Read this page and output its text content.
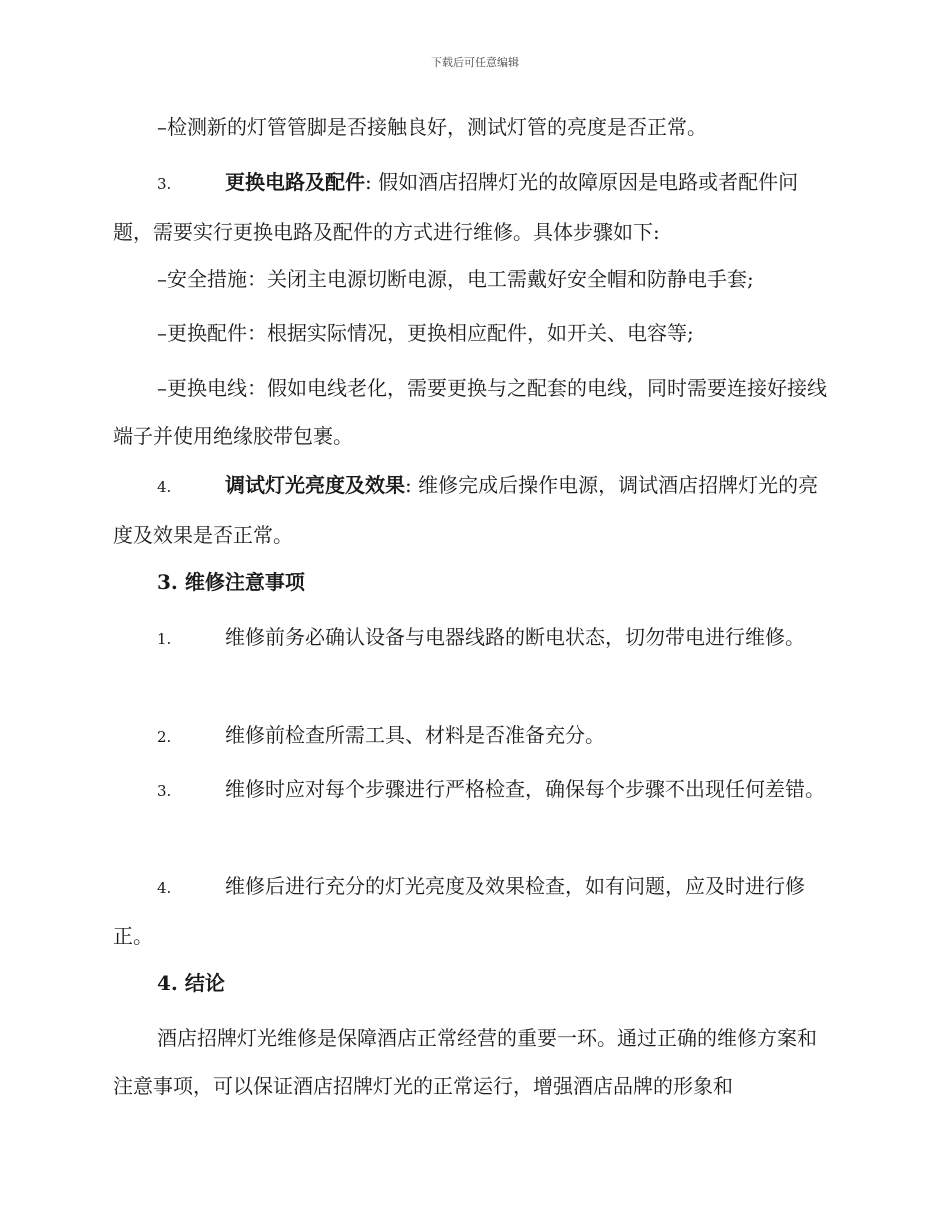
下载后可任意编辑

–检测新的灯管管脚是否接触良好，测试灯管的亮度是否正常。

3.	更换电路及配件: 假如酒店招牌灯光的故障原因是电路或者配件问题，需要实行更换电路及配件的方式进行维修。具体步骤如下:

–安全措施：关闭主电源切断电源，电工需戴好安全帽和防静电手套;

–更换配件：根据实际情况，更换相应配件，如开关、电容等;

–更换电线：假如电线老化，需要更换与之配套的电线，同时需要连接好接线端子并使用绝缘胶带包裹。

4.	调试灯光亮度及效果: 维修完成后操作电源，调试酒店招牌灯光的亮度及效果是否正常。

3. 维修注意事项

1.	维修前务必确认设备与电器线路的断电状态，切勿带电进行维修。

2.	维修前检查所需工具、材料是否准备充分。

3.	维修时应对每个步骤进行严格检查，确保每个步骤不出现任何差错。

4.	维修后进行充分的灯光亮度及效果检查，如有问题，应及时进行修正。

4. 结论

酒店招牌灯光维修是保障酒店正常经营的重要一环。通过正确的维修方案和注意事项，可以保证酒店招牌灯光的正常运行，增强酒店品牌的形象和
